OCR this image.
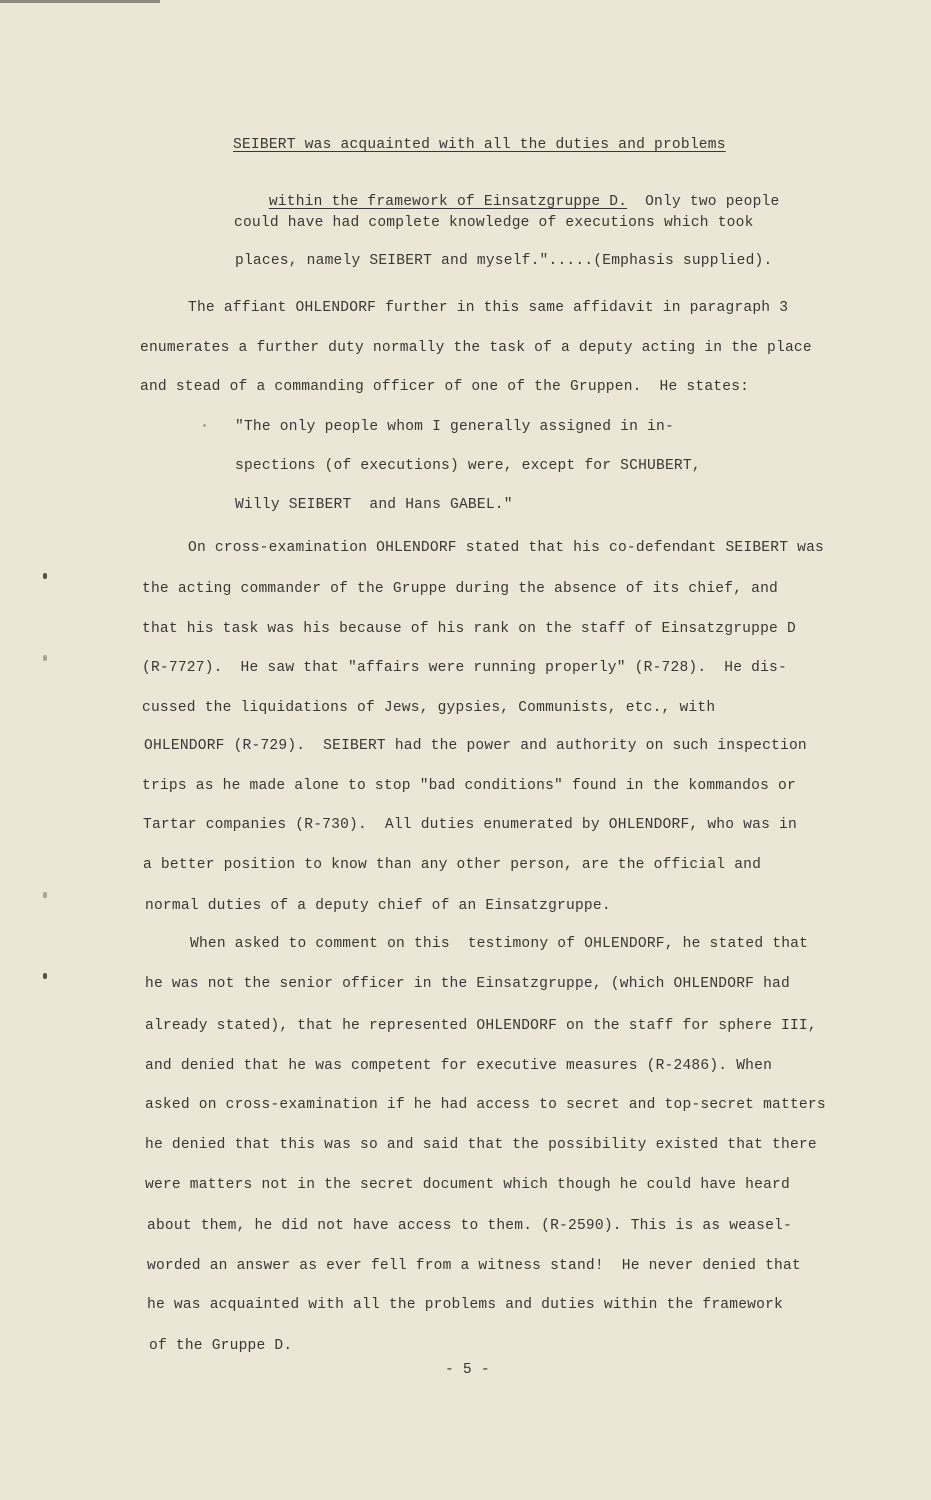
SEIBERT was acquainted with all the duties and problems

within the framework of Einsatzgruppe D.  Only two people

could have had complete knowledge of executions which took
places, namely SEIBERT and myself.".....(Emphasis supplied).
The affiant OHLENDORF further in this same affidavit in paragraph 3
enumerates a further duty normally the task of a deputy acting in the place
and stead of a commanding officer of one of the Gruppen.  He states:
"The only people whom I generally assigned in in-
spections (of executions) were, except for SCHUBERT,
Willy SEIBERT  and Hans GABEL."
On cross-examination OHLENDORF stated that his co-defendant SEIBERT was
the acting commander of the Gruppe during the absence of its chief, and
that his task was his because of his rank on the staff of Einsatzgruppe D
(R-7727).  He saw that "affairs were running properly" (R-728).  He dis-
cussed the liquidations of Jews, gypsies, Communists, etc., with
OHLENDORF (R-729).  SEIBERT had the power and authority on such inspection
trips as he made alone to stop "bad conditions" found in the kommandos or
Tartar companies (R-730).  All duties enumerated by OHLENDORF, who was in
a better position to know than any other person, are the official and
normal duties of a deputy chief of an Einsatzgruppe.
When asked to comment on this  testimony of OHLENDORF, he stated that
he was not the senior officer in the Einsatzgruppe, (which OHLENDORF had
already stated), that he represented OHLENDORF on the staff for sphere III,
and denied that he was competent for executive measures (R-2486). When
asked on cross-examination if he had access to secret and top-secret matters
he denied that this was so and said that the possibility existed that there
were matters not in the secret document which though he could have heard
about them, he did not have access to them. (R-2590). This is as weasel-
worded an answer as ever fell from a witness stand!  He never denied that
he was acquainted with all the problems and duties within the framework
of the Gruppe D.
- 5 -
